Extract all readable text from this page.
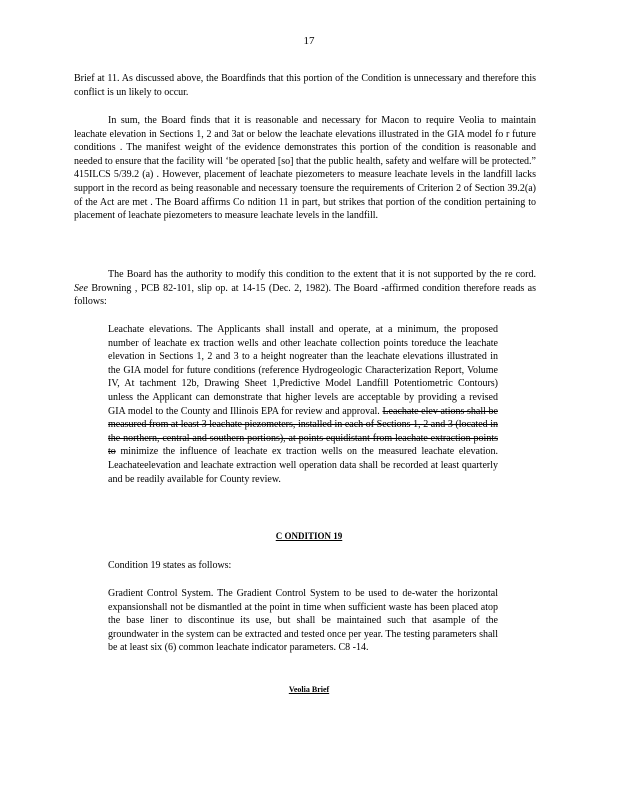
17
Brief at 11. As discussed above, the Boardfinds that this portion of the Condition is unnecessary and therefore this conflict is un likely to occur.
In sum, the Board finds that it is reasonable and necessary for Macon to require Veolia to maintain leachate elevation in Sections 1, 2 and 3at or below the leachate elevations illustrated in the GIA model fo r future conditions . The manifest weight of the evidence demonstrates this portion of the condition is reasonable and needed to ensure that the facility will ‘be operated [so] that the public health, safety and welfare will be protected.” 415ILCS 5/39.2 (a) . However, placement of leachate piezometers to measure leachate levels in the landfill lacks support in the record as being reasonable and necessary toensure the requirements of Criterion 2 of Section 39.2(a) of the Act are met . The Board affirms Co ndition 11 in part, but strikes that portion of the condition pertaining to placement of leachate piezometers to measure leachate levels in the landfill.
The Board has the authority to modify this condition to the extent that it is not supported by the re cord. See Browning , PCB 82-101, slip op. at 14-15 (Dec. 2, 1982). The Board -affirmed condition therefore reads as follows:
Leachate elevations. The Applicants shall install and operate, at a minimum, the proposed number of leachate ex traction wells and other leachate collection points toreduce the leachate elevation in Sections 1, 2 and 3 to a height nogreater than the leachate elevations illustrated in the GIA model for future conditions (reference Hydrogeologic Characterization Report, Volume IV, At tachment 12b, Drawing Sheet 1,Predictive Model Landfill Potentiometric Contours) unless the Applicant can demonstrate that higher levels are acceptable by providing a revised GIA model to the County and Illinois EPA for review and approval. Leachate elev ations shall be measured from at least 3 leachate piezometers, installed in each of Sections 1, 2 and 3 (located in the northern, central and southern portions), at points equidistant from leachate extraction points to minimize the influence of leachate ex traction wells on the measured leachate elevation. Leachateelevation and leachate extraction well operation data shall be recorded at least quarterly and be readily available for County review.
C ONDITION 19
Condition 19 states as follows:
Gradient Control System. The Gradient Control System to be used to de-water the horizontal expansionshall not be dismantled at the point in time when sufficient waste has been placed atop the base liner to discontinue its use, but shall be maintained such that asample of the groundwater in the system can be extracted and tested once per year. The testing parameters shall be at least six (6) common leachate indicator parameters. C8 -14.
Veolia Brief
